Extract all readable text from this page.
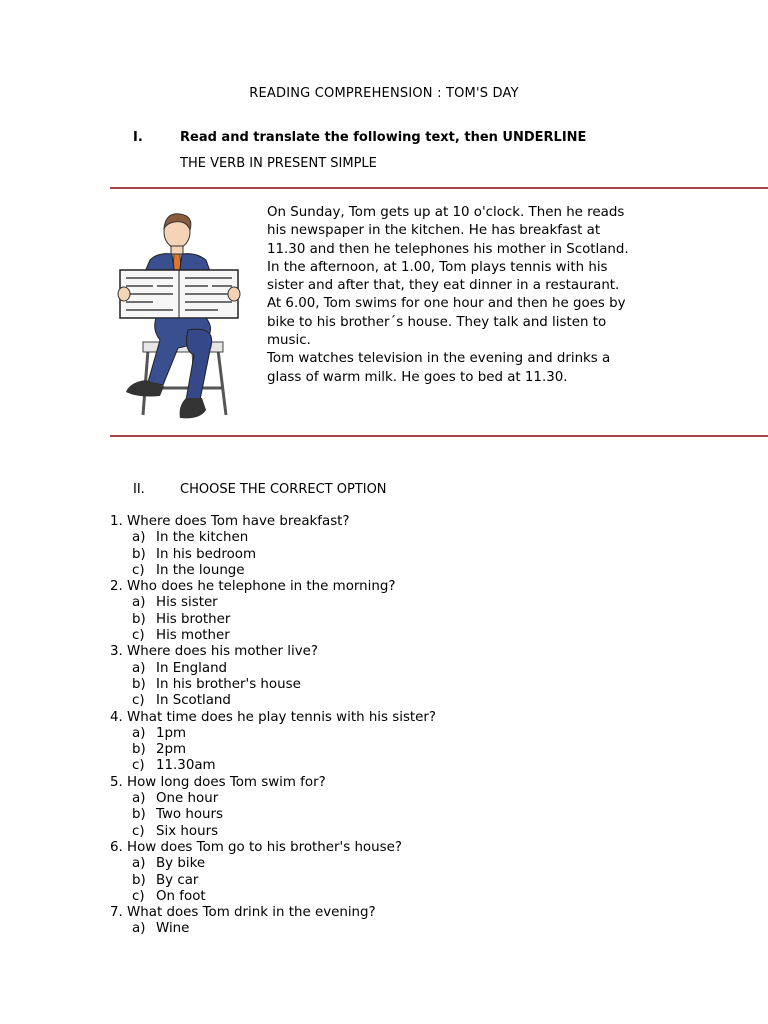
READING COMPREHENSION : TOM'S DAY
I.	Read and translate the following text, then UNDERLINE
THE VERB IN PRESENT SIMPLE
On Sunday, Tom gets up at 10 o'clock. Then he reads
his newspaper in the kitchen. He has breakfast at
11.30 and then he telephones his mother in Scotland.
In the afternoon, at 1.00, Tom plays tennis with his
sister and after that, they eat dinner in a restaurant.
At 6.00, Tom swims for one hour and then he goes by
bike to his brother´s house. They talk and listen to
music.
Tom watches television in the evening and drinks a
glass of warm milk. He goes to bed at 11.30.
II.	CHOOSE THE CORRECT OPTION
1. Where does Tom have breakfast?
a) In the kitchen
b) In his bedroom
c) In the lounge
2. Who does he telephone in the morning?
a) His sister
b) His brother
c) His mother
3. Where does his mother live?
a) In England
b) In his brother's house
c) In Scotland
4. What time does he play tennis with his sister?
a) 1pm
b) 2pm
c) 11.30am
5. How long does Tom swim for?
a) One hour
b) Two hours
c) Six hours
6. How does Tom go to his brother's house?
a) By bike
b) By car
c) On foot
7. What does Tom drink in the evening?
a) Wine
